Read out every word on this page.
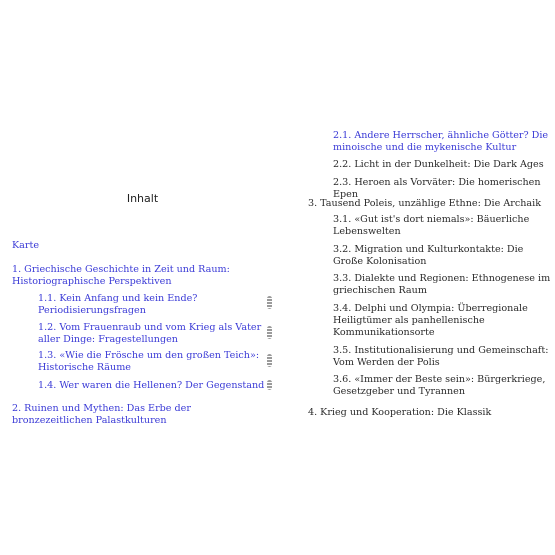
Inhalt
Karte
1. Griechische Geschichte in Zeit und Raum: Historiographische Perspektiven
1.1. Kein Anfang und kein Ende? Periodisierungsfragen
1.2. Vom Frauenraub und vom Krieg als Vater aller Dinge: Fragestellungen
1.3. «Wie die Frösche um den großen Teich»: Historische Räume
1.4. Wer waren die Hellenen? Der Gegenstand
2. Ruinen und Mythen: Das Erbe der bronzezeitlichen Palastkulturen
2.1. Andere Herrscher, ähnliche Götter? Die minoische und die mykenische Kultur
2.2. Licht in der Dunkelheit: Die Dark Ages
2.3. Heroen als Vorväter: Die homerischen Epen
3. Tausend Poleis, unzählige Ethne: Die Archaik
3.1. «Gut ist's dort niemals»: Bäuerliche Lebenswelten
3.2. Migration und Kulturkontakte: Die Große Kolonisation
3.3. Dialekte und Regionen: Ethnogenese im griechischen Raum
3.4. Delphi und Olympia: Überregionale Heiligtümer als panhellenische Kommunikationsorte
3.5. Institutionalisierung und Gemeinschaft: Vom Werden der Polis
3.6. «Immer der Beste sein»: Bürgerkriege, Gesetzgeber und Tyrannen
4. Krieg und Kooperation: Die Klassik
